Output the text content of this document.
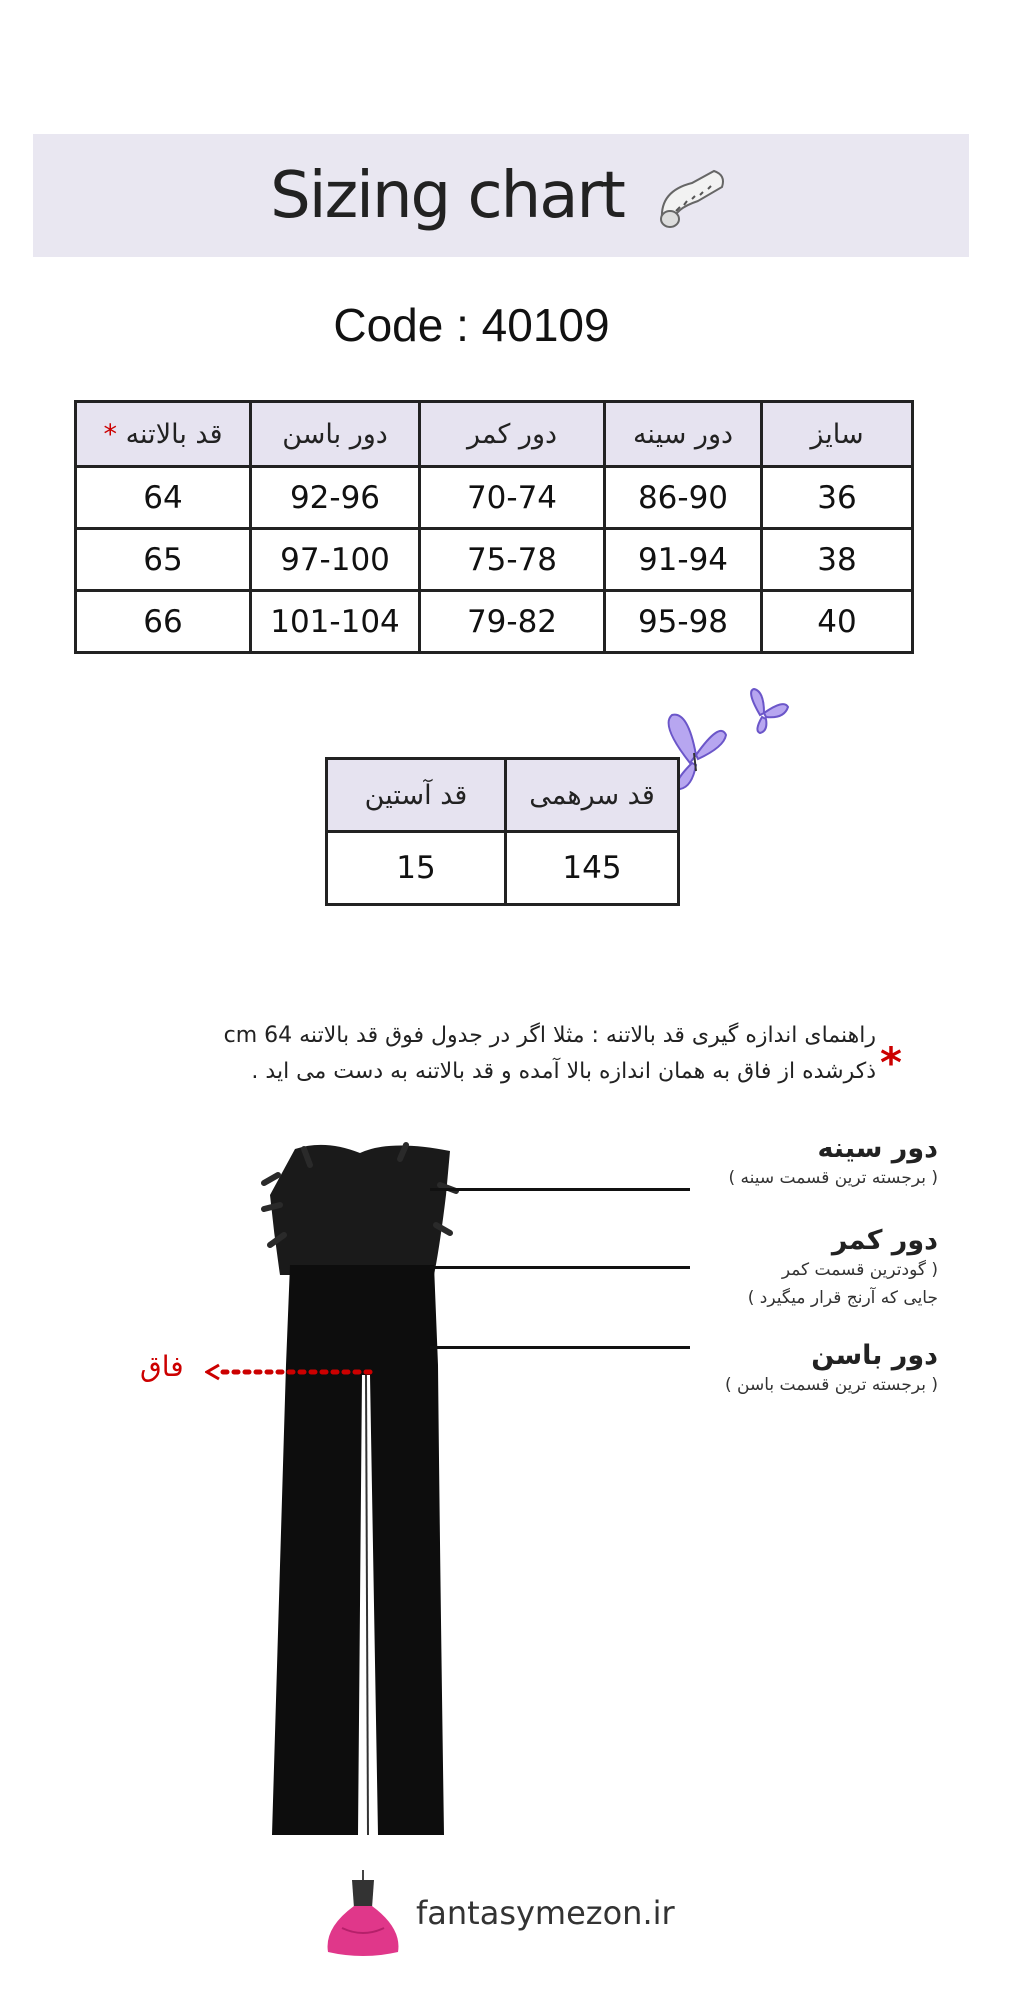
Sizing chart
Code : 40109
سایز	دور سینه	دور کمر	دور باسن	قد بالاتنه *
36	86-90	70-74	92-96	64
38	91-94	75-78	97-100	65
40	95-98	79-82	101-104	66
قد سرهمی	قد آستین
145	15
راهنمای اندازه گیری قد بالاتنه : مثلا اگر در جدول فوق قد بالاتنه 64 cm
ذکرشده از فاق به همان اندازه بالا آمده و قد بالاتنه به دست می اید . *
دور سینه
( برجسته ترین قسمت سینه )
دور کمر
( گودترین قسمت کمر
جایی که آرنج قرار میگیرد )
دور باسن
( برجسته ترین قسمت باسن )
فاق
fantasymezon.ir
